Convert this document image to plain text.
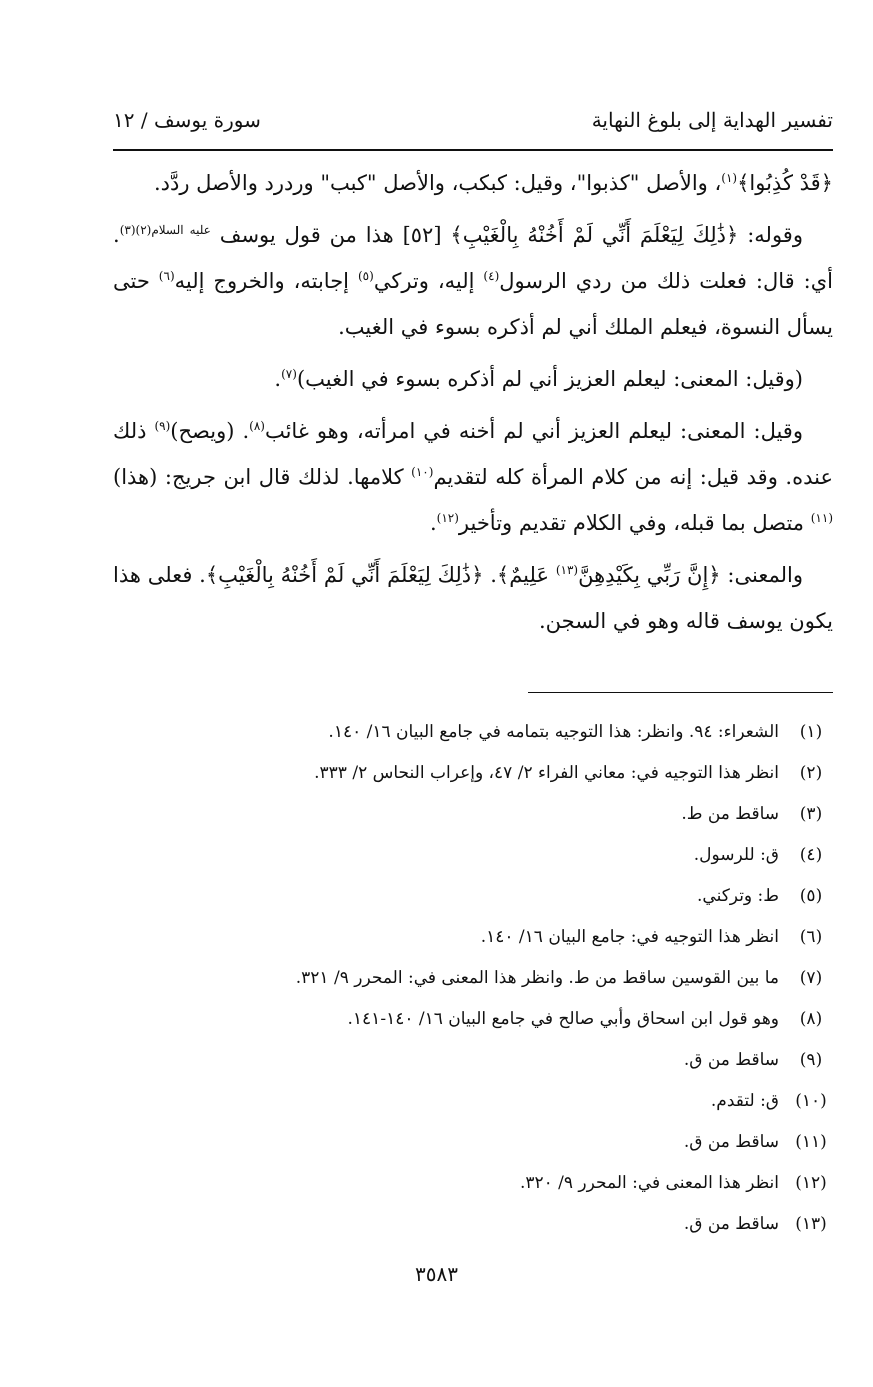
تفسير الهداية إلى بلوغ النهاية
سورة يوسف / ١٢

﴿قَدْ كُذِبُوا﴾$^{(١)}$، والأصل "كذبوا"، وقيل: كبكب، والأصل "كبب" وردرد والأصل ردَّد.

وقوله: ﴿ذَٰلِكَ لِيَعْلَمَ أَنِّي لَمْ أَخُنْهُ بِالْغَيْبِ﴾ [٥٢] هذا من قول يوسف $^{عليه السلام(٢)(٣)}$. أي: قال: فعلت ذلك من ردي الرسول$^{(٤)}$ إليه، وتركي$^{(٥)}$ إجابته، والخروج إليه$^{(٦)}$ حتى يسأل النسوة، فيعلم الملك أني لم أذكره بسوء في الغيب.

(وقيل: المعنى: ليعلم العزيز أني لم أذكره بسوء في الغيب)$^{(٧)}$.

وقيل: المعنى: ليعلم العزيز أني لم أخنه في امرأته، وهو غائب$^{(٨)}$. (ويصح)$^{(٩)}$ ذلك عنده. وقد قيل: إنه من كلام المرأة كله لتقديم$^{(١٠)}$ كلامها. لذلك قال ابن جريج: (هذا)$^{(١١)}$ متصل بما قبله، وفي الكلام تقديم وتأخير$^{(١٢)}$.

والمعنى: ﴿إِنَّ رَبِّي بِكَيْدِهِنَّ$^{(١٣)}$ عَلِيمٌ﴾. ﴿ذَٰلِكَ لِيَعْلَمَ أَنِّي لَمْ أَخُنْهُ بِالْغَيْبِ﴾. فعلى هذا يكون يوسف قاله وهو في السجن.

(١)الشعراء: ٩٤. وانظر: هذا التوجيه بتمامه في جامع البيان ١٦/ ١٤٠.
(٢)انظر هذا التوجيه في: معاني الفراء ٢/ ٤٧، وإعراب النحاس ٢/ ٣٣٣.
(٣)ساقط من ط.
(٤)ق: للرسول.
(٥)ط: وتركني.
(٦)انظر هذا التوجيه في: جامع البيان ١٦/ ١٤٠.
(٧)ما بين القوسين ساقط من ط. وانظر هذا المعنى في: المحرر ٩/ ٣٢١.
(٨)وهو قول ابن اسحاق وأبي صالح في جامع البيان ١٦/ ١٤٠-١٤١.
(٩)ساقط من ق.
(١٠)ق: لتقدم.
(١١)ساقط من ق.
(١٢)انظر هذا المعنى في: المحرر ٩/ ٣٢٠.
(١٣)ساقط من ق.
٣٥٨٣
